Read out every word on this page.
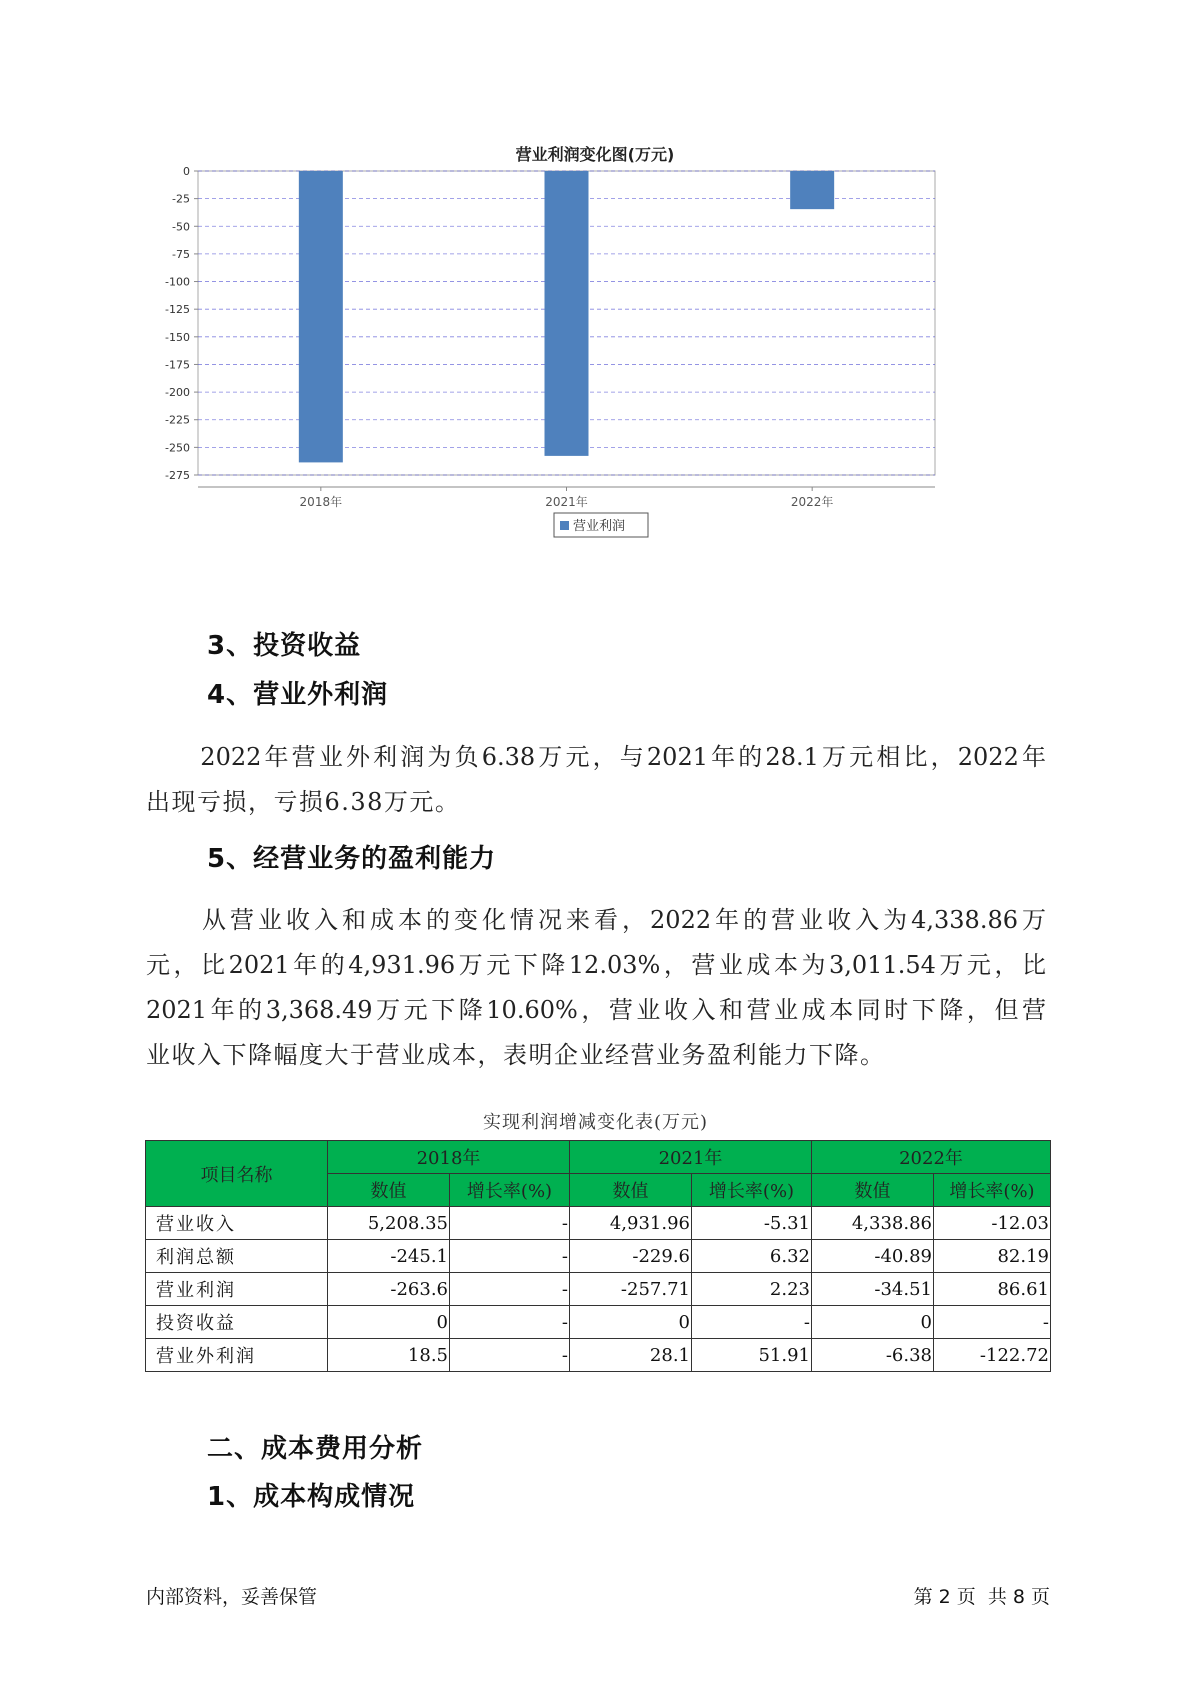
0
-25
-50
-75
-100
-125
-150
-175
-200
-225
-250
-275
2018年	2021年	2022年
营业利润
营业利润变化图(万元)
3、投资收益
4、营业外利润
　　2022年营业外利润为负6.38万元，与2021年的28.1万元相比，2022年
出现亏损，亏损6.38万元。
5、经营业务的盈利能力
　　从营业收入和成本的变化情况来看，2022年的营业收入为4,338.86万
元，比2021年的4,931.96万元下降12.03%，营业成本为3,011.54万元，比
2021年的3,368.49万元下降10.60%，营业收入和营业成本同时下降，但营
业收入下降幅度大于营业成本，表明企业经营业务盈利能力下降。
实现利润增减变化表(万元)
项目名称	2018年		2021年		2022年	
	数值	增长率(%)	数值	增长率(%)	数值	增长率(%)
营业收入	5,208.35	-	4,931.96	-5.31	4,338.86	-12.03
利润总额	-245.1	-	-229.6	6.32	-40.89	82.19
营业利润	-263.6	-	-257.71	2.23	-34.51	86.61
投资收益	0	-	0	-	0	-
营业外利润	18.5	-	28.1	51.91	-6.38	-122.72
二、成本费用分析
1、成本构成情况
内部资料，妥善保管	第 2 页  共 8 页
